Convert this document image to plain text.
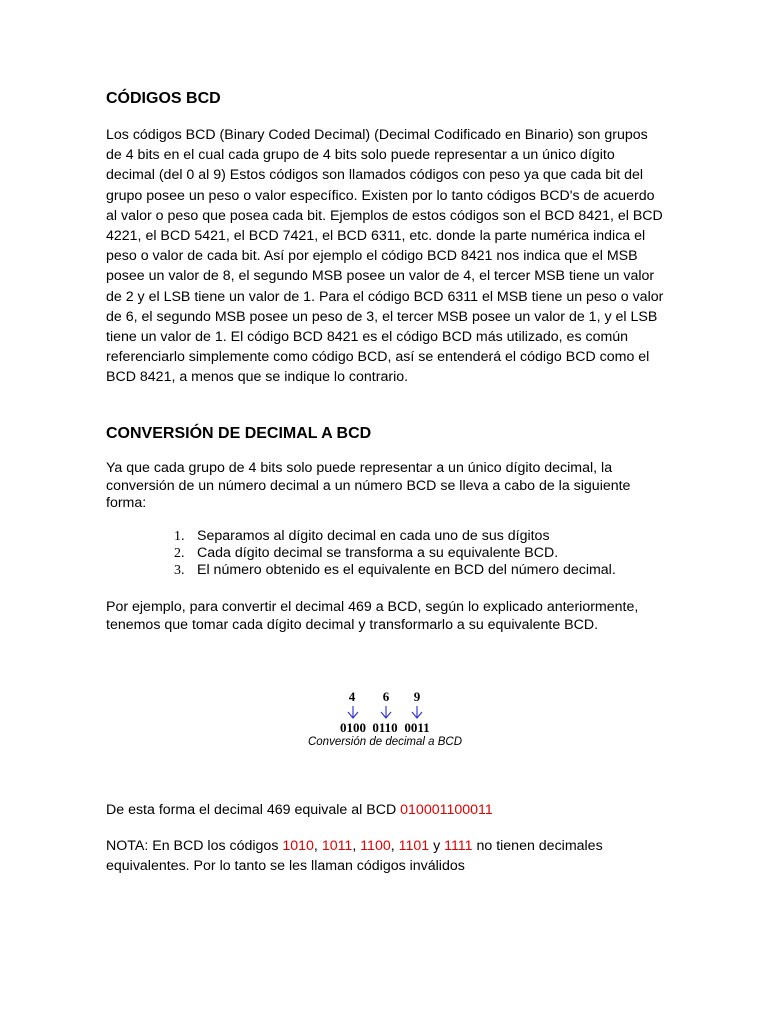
CÓDIGOS BCD

Los códigos BCD (Binary Coded Decimal) (Decimal Codificado en Binario) son grupos de 4 bits en el cual cada grupo de 4 bits solo puede representar a un único dígito decimal (del 0 al 9) Estos códigos son llamados códigos con peso ya que cada bit del grupo posee un peso o valor específico. Existen por lo tanto códigos BCD's de acuerdo al valor o peso que posea cada bit. Ejemplos de estos códigos son el BCD 8421, el BCD 4221, el BCD 5421, el BCD 7421, el BCD 6311, etc. donde la parte numérica indica el peso o valor de cada bit. Así por ejemplo el código BCD 8421 nos indica que el MSB posee un valor de 8, el segundo MSB posee un valor de 4, el tercer MSB tiene un valor de 2 y el LSB tiene un valor de 1. Para el código BCD 6311 el MSB tiene un peso o valor de 6, el segundo MSB posee un peso de 3, el tercer MSB posee un valor de 1, y el LSB tiene un valor de 1. El código BCD 8421 es el código BCD más utilizado, es común referenciarlo simplemente como código BCD, así se entenderá el código BCD como el BCD 8421, a menos que se indique lo contrario.

CONVERSIÓN DE DECIMAL A BCD

Ya que cada grupo de 4 bits solo puede representar a un único dígito decimal, la conversión de un número decimal a un número BCD se lleva a cabo de la siguiente forma:

1. Separamos al dígito decimal en cada uno de sus dígitos
2. Cada dígito decimal se transforma a su equivalente BCD.
3. El número obtenido es el equivalente en BCD del número decimal.

Por ejemplo, para convertir el decimal 469 a BCD, según lo explicado anteriormente, tenemos que tomar cada dígito decimal y transformarlo a su equivalente BCD.

4 6 9
0100 0110 0011
Conversión de decimal a BCD

De esta forma el decimal 469 equivale al BCD 010001100011

NOTA: En BCD los códigos 1010, 1011, 1100, 1101 y 1111 no tienen decimales equivalentes. Por lo tanto se les llaman códigos inválidos
